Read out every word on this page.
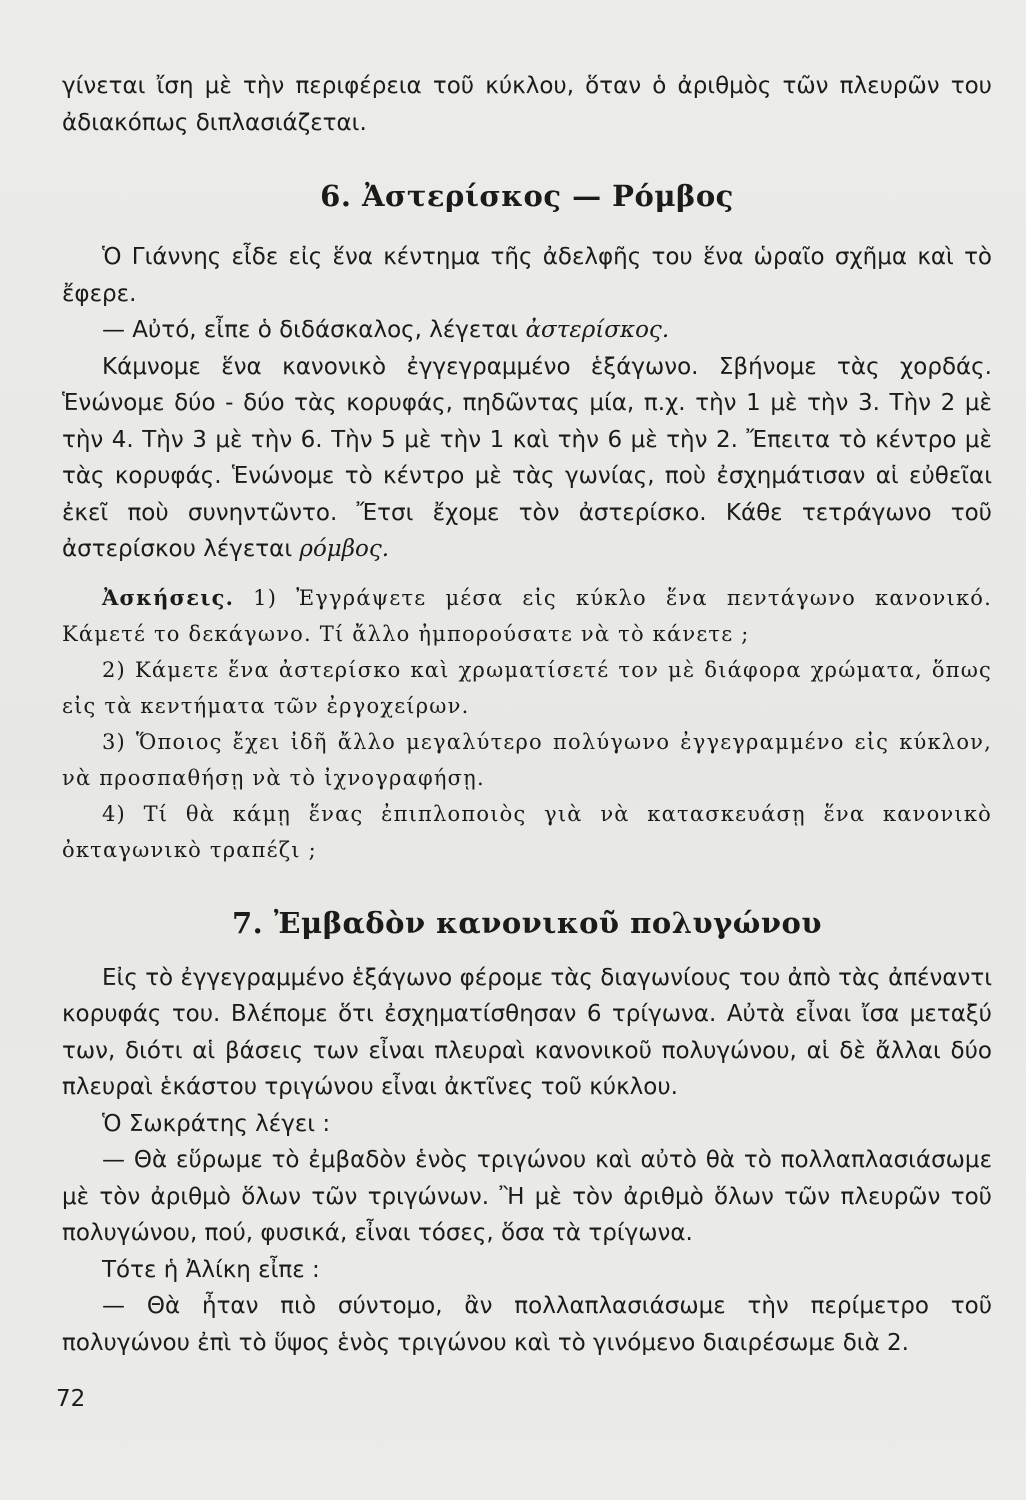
γίνεται ἴση μὲ τὴν περιφέρεια τοῦ κύκλου, ὅταν ὁ ἀριθμὸς τῶν πλευρῶν του ἀδιακόπως διπλασιάζεται.

6. Ἀστερίσκος — Ρόμβος

Ὁ Γιάννης εἶδε εἰς ἕνα κέντημα τῆς ἀδελφῆς του ἕνα ὡραῖο σχῆμα καὶ τὸ ἔφερε.

— Αὐτό, εἶπε ὁ διδάσκαλος, λέγεται ἀστερίσκος.

Κάμνομε ἕνα κανονικὸ ἐγγεγραμμένο ἑξάγωνο. Σβήνομε τὰς χορδάς. Ἑνώνομε δύο - δύο τὰς κορυφάς, πηδῶντας μία, π.χ. τὴν 1 μὲ τὴν 3. Τὴν 2 μὲ τὴν 4. Τὴν 3 μὲ τὴν 6. Τὴν 5 μὲ τὴν 1 καὶ τὴν 6 μὲ τὴν 2. Ἔπειτα τὸ κέντρο μὲ τὰς κορυφάς. Ἑνώνομε τὸ κέντρο μὲ τὰς γωνίας, ποὺ ἐσχημάτισαν αἱ εὐθεῖαι ἐκεῖ ποὺ συνηντῶντο. Ἔτσι ἔχομε τὸν ἀστερίσκο. Κάθε τετράγωνο τοῦ ἀστερίσκου λέγεται ρόμβος.

Ἀσκήσεις. 1) Ἐγγράψετε μέσα εἰς κύκλο ἕνα πεντάγωνο κανονικό. Κάμετέ το δεκάγωνο. Τί ἄλλο ἠμπορούσατε νὰ τὸ κάνετε ;

2) Κάμετε ἕνα ἀστερίσκο καὶ χρωματίσετέ τον μὲ διάφορα χρώματα, ὅπως εἰς τὰ κεντήματα τῶν ἐργοχείρων.

3) Ὅποιος ἔχει ἰδῆ ἄλλο μεγαλύτερο πολύγωνο ἐγγεγραμμένο εἰς κύκλον, νὰ προσπαθήσῃ νὰ τὸ ἰχνογραφήσῃ.

4) Τί θὰ κάμῃ ἕνας ἐπιπλοποιὸς γιὰ νὰ κατασκευάσῃ ἕνα κανονικὸ ὀκταγωνικὸ τραπέζι ;

7. Ἐμβαδὸν κανονικοῦ πολυγώνου

Εἰς τὸ ἐγγεγραμμένο ἑξάγωνο φέρομε τὰς διαγωνίους του ἀπὸ τὰς ἀπέναντι κορυφάς του. Βλέπομε ὅτι ἐσχηματίσθησαν 6 τρίγωνα. Αὐτὰ εἶναι ἴσα μεταξύ των, διότι αἱ βάσεις των εἶναι πλευραὶ κανονικοῦ πολυγώνου, αἱ δὲ ἄλλαι δύο πλευραὶ ἑκάστου τριγώνου εἶναι ἀκτῖνες τοῦ κύκλου.

Ὁ Σωκράτης λέγει :

— Θὰ εὕρωμε τὸ ἐμβαδὸν ἑνὸς τριγώνου καὶ αὐτὸ θὰ τὸ πολλαπλασιάσωμε μὲ τὸν ἀριθμὸ ὅλων τῶν τριγώνων. Ἢ μὲ τὸν ἀριθμὸ ὅλων τῶν πλευρῶν τοῦ πολυγώνου, πού, φυσικά, εἶναι τόσες, ὅσα τὰ τρίγωνα.

Τότε ἡ Ἀλίκη εἶπε :

— Θὰ ἦταν πιὸ σύντομο, ἂν πολλαπλασιάσωμε τὴν περίμετρο τοῦ πολυγώνου ἐπὶ τὸ ὕψος ἑνὸς τριγώνου καὶ τὸ γινόμενο διαιρέσωμε διὰ 2.

72
